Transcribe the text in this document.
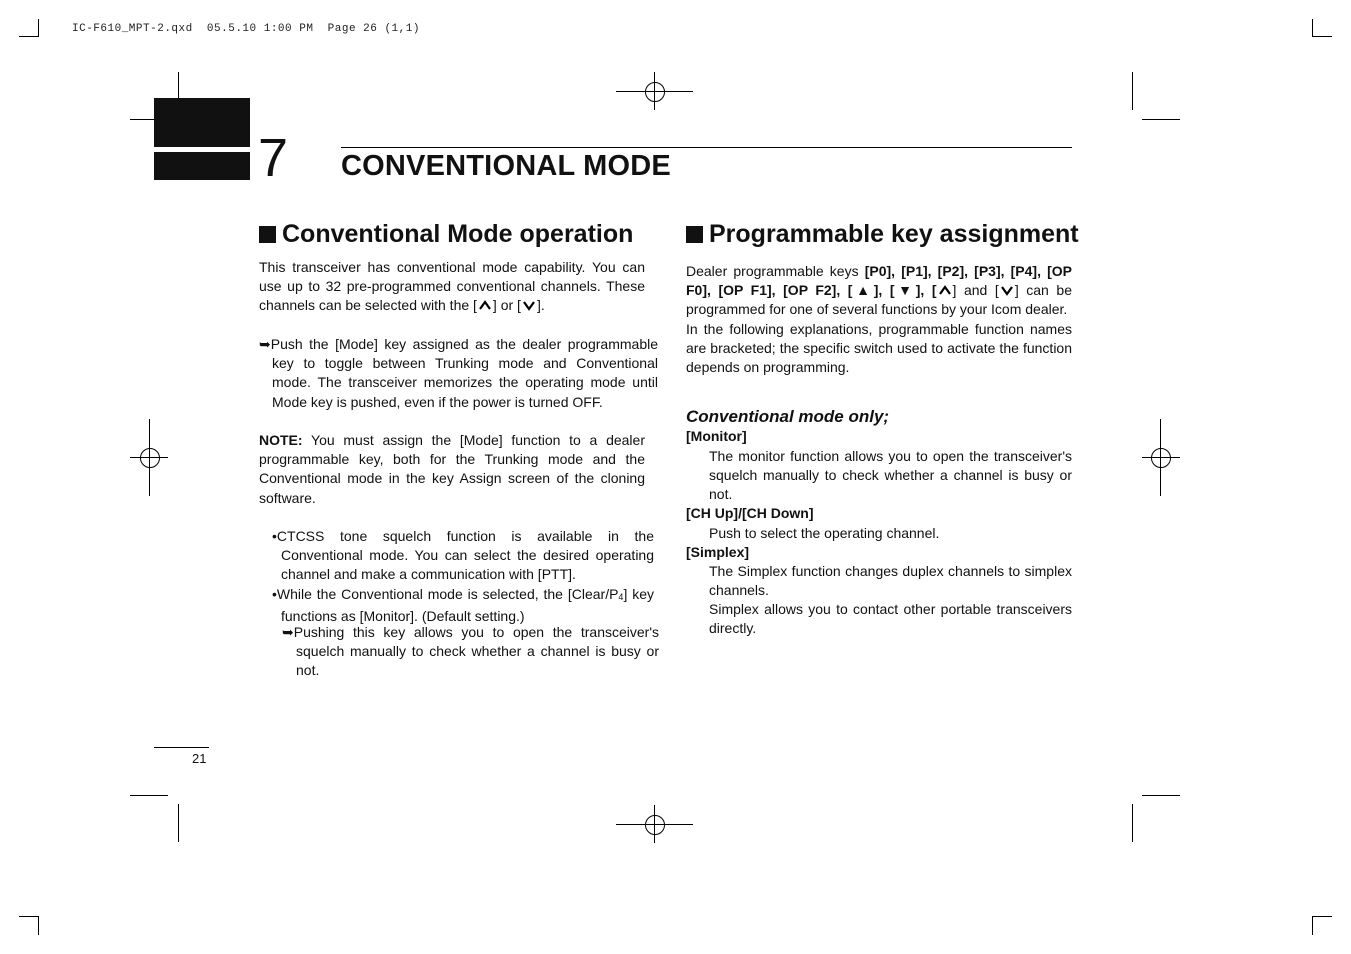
IC-F610_MPT-2.qxd  05.5.10 1:00 PM  Page 26 (1,1)
7 CONVENTIONAL MODE
Conventional Mode operation
This transceiver has conventional mode capability. You can use up to 32 pre-programmed conventional channels. These channels can be selected with the [ ] or [ ].
➥Push the [Mode] key assigned as the dealer programmable key to toggle between Trunking mode and Conventional mode. The transceiver memorizes the operating mode until Mode key is pushed, even if the power is turned OFF.
NOTE: You must assign the [Mode] function to a dealer programmable key, both for the Trunking mode and the Conventional mode in the key Assign screen of the cloning software.
•CTCSS tone squelch function is available in the Conventional mode. You can select the desired operating channel and make a communication with [PTT].
•While the Conventional mode is selected, the $[Clear/P_4]$ key functions as [Monitor]. (Default setting.)
➥Pushing this key allows you to open the transceiver's squelch manually to check whether a channel is busy or not.
Programmable key assignment
Dealer programmable keys [P0], [P1], [P2], [P3], [P4], [OP F0], [OP F1], [OP F2], [▲], [▼], [ ] and [ ] can be programmed for one of several functions by your Icom dealer.
In the following explanations, programmable function names are bracketed; the specific switch used to activate the function depends on programming.
Conventional mode only;
[Monitor]
The monitor function allows you to open the transceiver's squelch manually to check whether a channel is busy or not.
[CH Up]/[CH Down]
Push to select the operating channel.
[Simplex]
The Simplex function changes duplex channels to simplex channels.
Simplex allows you to contact other portable transceivers directly.
21
